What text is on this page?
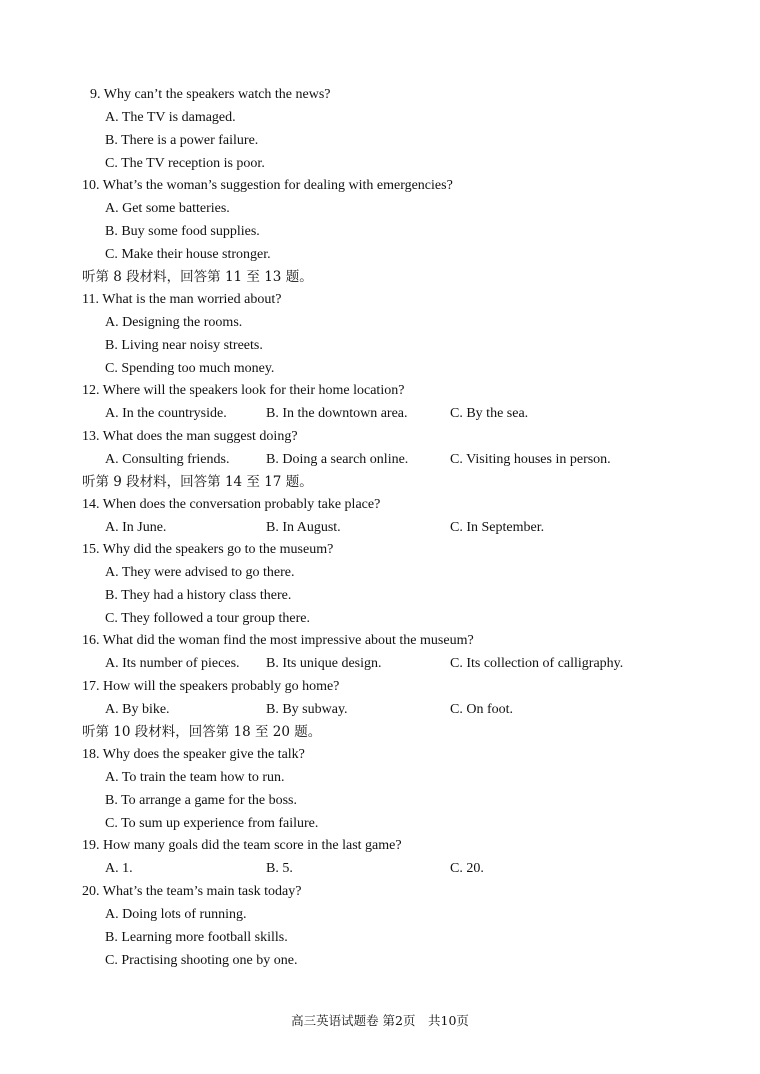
9. Why can’t the speakers watch the news?
A. The TV is damaged.
B. There is a power failure.
C. The TV reception is poor.
10. What’s the woman’s suggestion for dealing with emergencies?
A. Get some batteries.
B. Buy some food supplies.
C. Make their house stronger.
听第 8 段材料，回答第 11 至 13 题。
11. What is the man worried about?
A. Designing the rooms.
B. Living near noisy streets.
C. Spending too much money.
12. Where will the speakers look for their home location?
A. In the countryside.	B. In the downtown area.	C. By the sea.
13. What does the man suggest doing?
A. Consulting friends.	B. Doing a search online.	C. Visiting houses in person.
听第 9 段材料，回答第 14 至 17 题。
14. When does the conversation probably take place?
A. In June.	B. In August.	C. In September.
15. Why did the speakers go to the museum?
A. They were advised to go there.
B. They had a history class there.
C. They followed a tour group there.
16. What did the woman find the most impressive about the museum?
A. Its number of pieces. B. Its unique design.	C. Its collection of calligraphy.
17. How will the speakers probably go home?
A. By bike.	B. By subway.	C. On foot.
听第 10 段材料，回答第 18 至 20 题。
18. Why does the speaker give the talk?
A. To train the team how to run.
B. To arrange a game for the boss.
C. To sum up experience from failure.
19. How many goals did the team score in the last game?
A. 1.	B. 5.	C. 20.
20. What’s the team’s main task today?
A. Doing lots of running.
B. Learning more football skills.
C. Practising shooting one by one.
高三英语试题卷 第2页　共10页
